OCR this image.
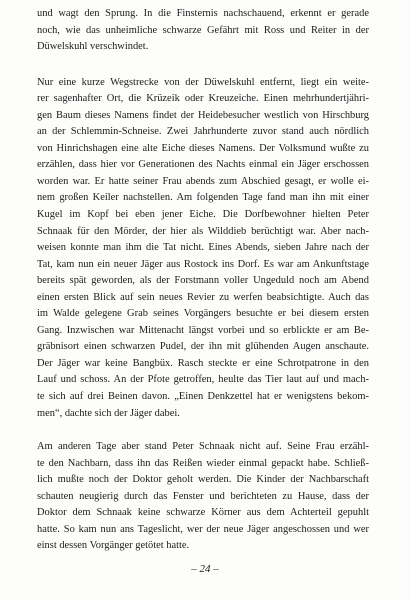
und wagt den Sprung. In die Finsternis nachschauend, erkennt er gerade
noch, wie das unheimliche schwarze Gefährt mit Ross und Reiter in der
Düwelskuhl verschwindet.
Nur eine kurze Wegstrecke von der Düwelskuhl entfernt, liegt ein weite-
rer sagenhafter Ort, die Krüzeik oder Kreuzeiche. Einen mehrhundertjähri-
gen Baum dieses Namens findet der Heidebesucher westlich von Hirschburg
an der Schlemmin-Schneise. Zwei Jahrhunderte zuvor stand auch nördlich
von Hinrichshagen eine alte Eiche dieses Namens. Der Volksmund wußte zu
erzählen, dass hier vor Generationen des Nachts einmal ein Jäger erschossen
worden war. Er hatte seiner Frau abends zum Abschied gesagt, er wolle ei-
nem großen Keiler nachstellen. Am folgenden Tage fand man ihn mit einer
Kugel im Kopf bei eben jener Eiche. Die Dorfbewohner hielten Peter
Schnaak für den Mörder, der hier als Wilddieb berüchtigt war. Aber nach-
weisen konnte man ihm die Tat nicht. Eines Abends, sieben Jahre nach der
Tat, kam nun ein neuer Jäger aus Rostock ins Dorf. Es war am Ankunftstage
bereits spät geworden, als der Forstmann voller Ungeduld noch am Abend
einen ersten Blick auf sein neues Revier zu werfen beabsichtigte. Auch das
im Walde gelegene Grab seines Vorgängers besuchte er bei diesem ersten
Gang. Inzwischen war Mittenacht längst vorbei und so erblickte er am Be-
gräbnisort einen schwarzen Pudel, der ihn mit glühenden Augen anschaute.
Der Jäger war keine Bangbüx. Rasch steckte er eine Schrotpatrone in den
Lauf und schoss. An der Pfote getroffen, heulte das Tier laut auf und mach-
te sich auf drei Beinen davon. „Einen Denkzettel hat er wenigstens bekom-
men“, dachte sich der Jäger dabei.
Am anderen Tage aber stand Peter Schnaak nicht auf. Seine Frau erzähl-
te den Nachbarn, dass ihn das Reißen wieder einmal gepackt habe. Schließ-
lich mußte noch der Doktor geholt werden. Die Kinder der Nachbarschaft
schauten neugierig durch das Fenster und berichteten zu Hause, dass der
Doktor dem Schnaak keine schwarze Körner aus dem Achterteil gepuhlt
hatte. So kam nun ans Tageslicht, wer der neue Jäger angeschossen und wer
einst dessen Vorgänger getötet hatte.
– 24 –
